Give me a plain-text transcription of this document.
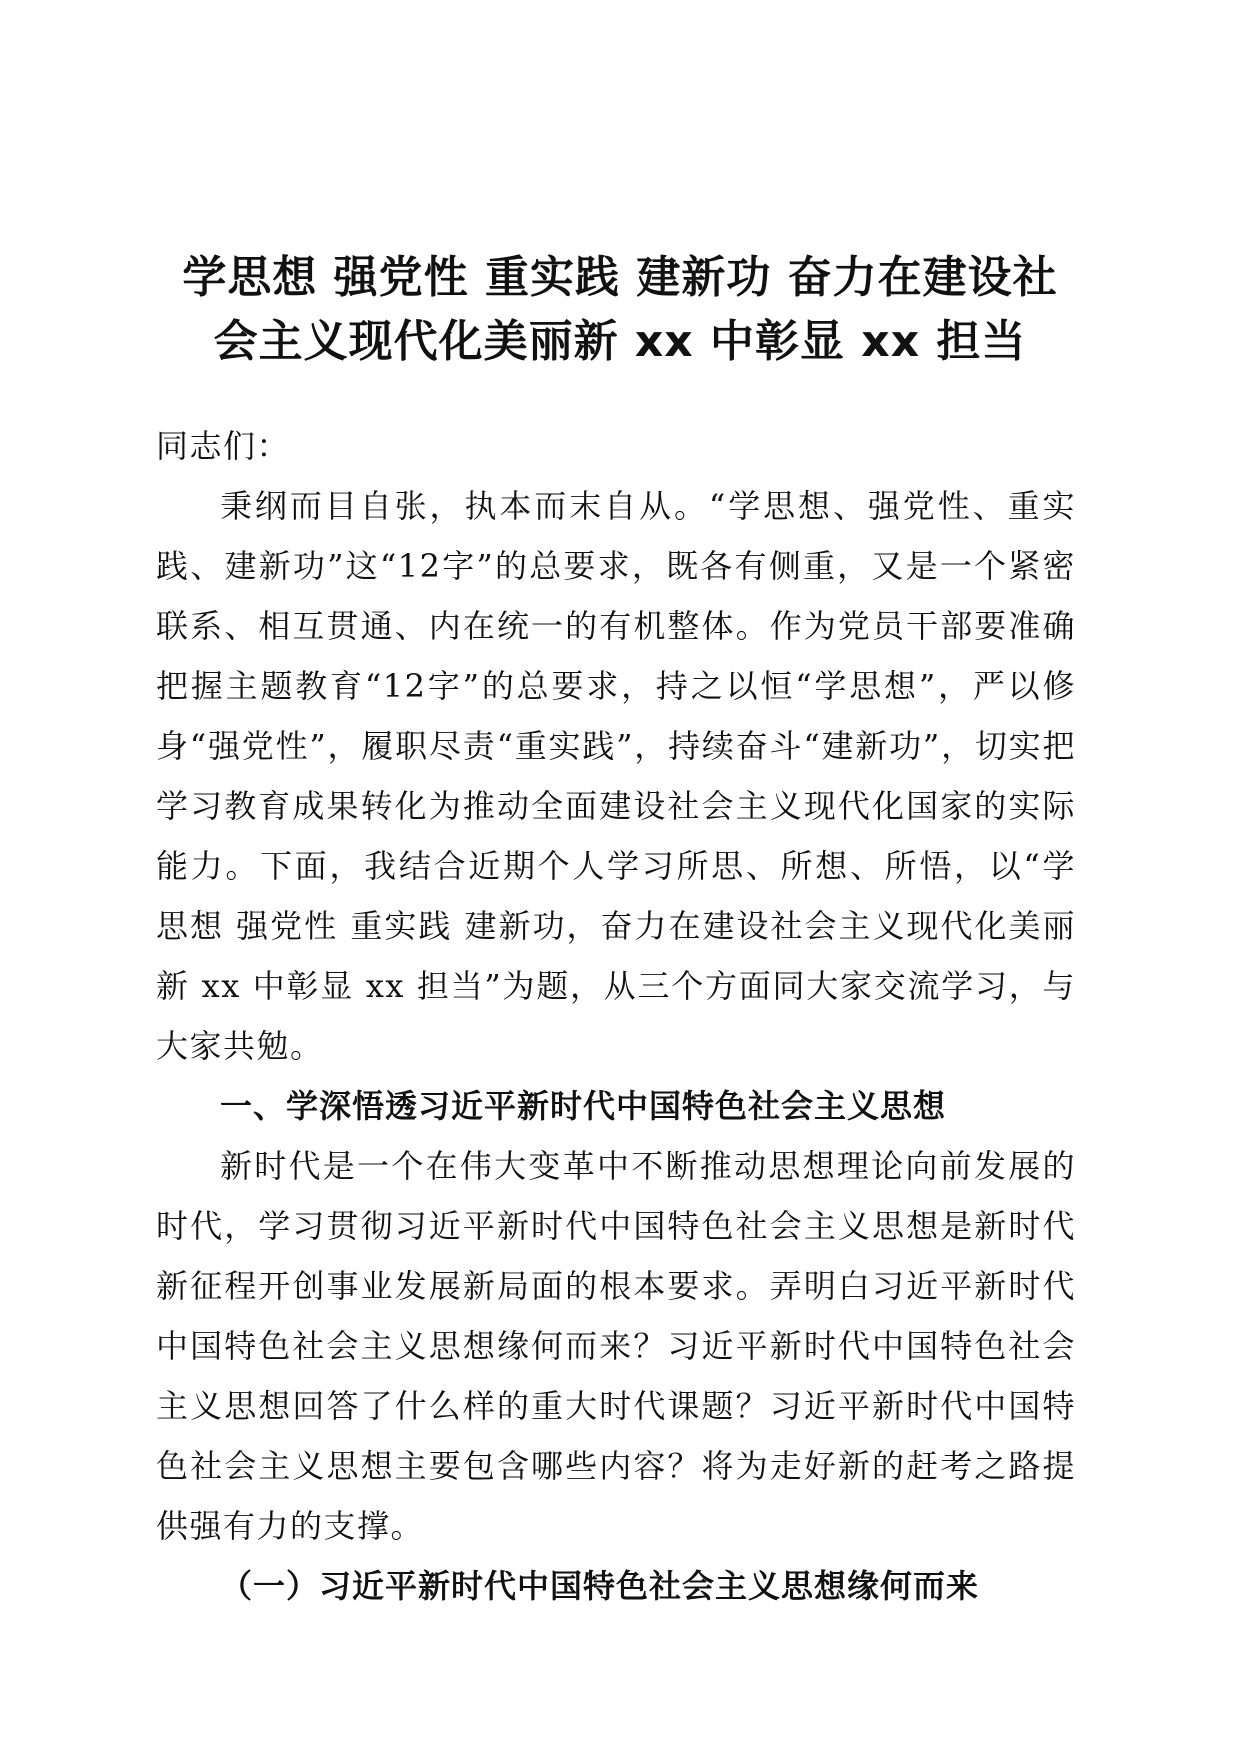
学思想 强党性 重实践 建新功 奋力在建设社
会主义现代化美丽新 xx 中彰显 xx 担当

同志们：

秉纲而目自张，执本而末自从。“学思想、强党性、重实践、建新功”这“12字”的总要求，既各有侧重，又是一个紧密联系、相互贯通、内在统一的有机整体。作为党员干部要准确把握主题教育“12字”的总要求，持之以恒“学思想”，严以修身“强党性”，履职尽责“重实践”，持续奋斗“建新功”，切实把学习教育成果转化为推动全面建设社会主义现代化国家的实际能力。下面，我结合近期个人学习所思、所想、所悟，以“学思想 强党性 重实践 建新功，奋力在建设社会主义现代化美丽新 xx 中彰显 xx 担当”为题，从三个方面同大家交流学习，与大家共勉。

一、学深悟透习近平新时代中国特色社会主义思想

新时代是一个在伟大变革中不断推动思想理论向前发展的时代，学习贯彻习近平新时代中国特色社会主义思想是新时代新征程开创事业发展新局面的根本要求。弄明白习近平新时代中国特色社会主义思想缘何而来？习近平新时代中国特色社会主义思想回答了什么样的重大时代课题？习近平新时代中国特色社会主义思想主要包含哪些内容？将为走好新的赶考之路提供强有力的支撑。

（一）习近平新时代中国特色社会主义思想缘何而来
